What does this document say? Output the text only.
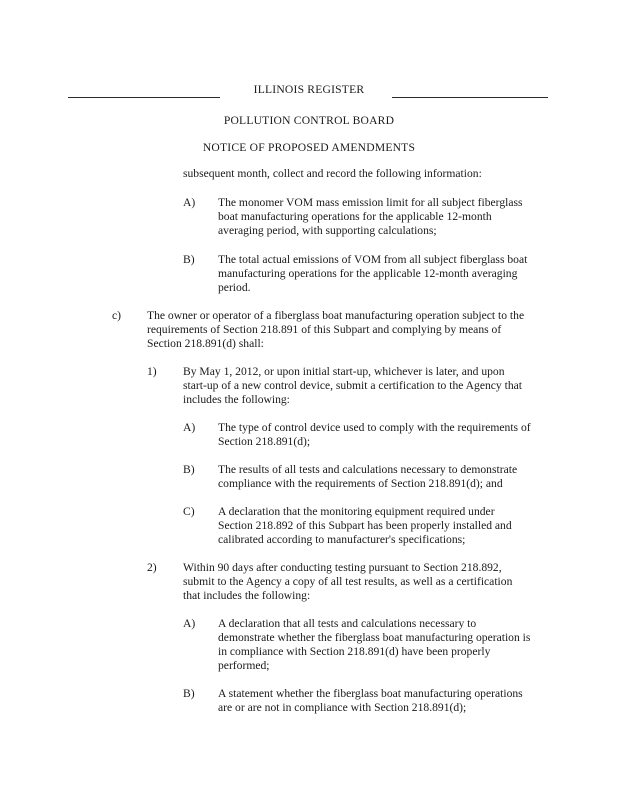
ILLINOIS REGISTER
POLLUTION CONTROL BOARD
NOTICE OF PROPOSED AMENDMENTS
subsequent month, collect and record the following information:
A) The monomer VOM mass emission limit for all subject fiberglass
boat manufacturing operations for the applicable 12-month
averaging period, with supporting calculations;
B) The total actual emissions of VOM from all subject fiberglass boat
manufacturing operations for the applicable 12-month averaging
period.
c) The owner or operator of a fiberglass boat manufacturing operation subject to the
requirements of Section 218.891 of this Subpart and complying by means of
Section 218.891(d) shall:
1) By May 1, 2012, or upon initial start-up, whichever is later, and upon
start-up of a new control device, submit a certification to the Agency that
includes the following:
A) The type of control device used to comply with the requirements of
Section 218.891(d);
B) The results of all tests and calculations necessary to demonstrate
compliance with the requirements of Section 218.891(d); and
C) A declaration that the monitoring equipment required under
Section 218.892 of this Subpart has been properly installed and
calibrated according to manufacturer's specifications;
2) Within 90 days after conducting testing pursuant to Section 218.892,
submit to the Agency a copy of all test results, as well as a certification
that includes the following:
A) A declaration that all tests and calculations necessary to
demonstrate whether the fiberglass boat manufacturing operation is
in compliance with Section 218.891(d) have been properly
performed;
B) A statement whether the fiberglass boat manufacturing operations
are or are not in compliance with Section 218.891(d);
